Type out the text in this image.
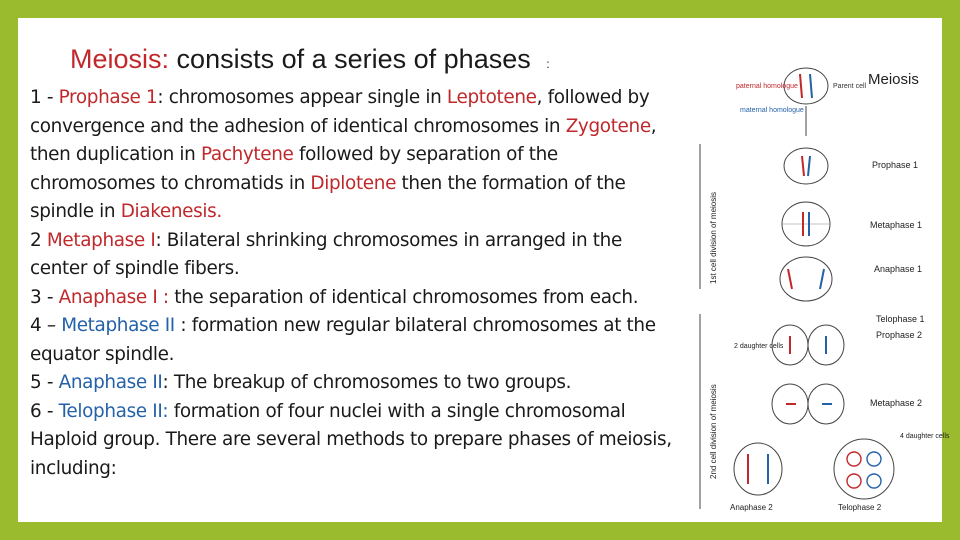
Meiosis: consists of a series of phases :

1 - Prophase 1: chromosomes appear single in Leptotene, followed by convergence and the adhesion of identical chromosomes in Zygotene, then duplication in Pachytene followed by separation of the chromosomes to chromatids in Diplotene then the formation of the spindle in Diakenesis.

2 Metaphase I: Bilateral shrinking chromosomes in arranged in the center of spindle fibers.

3 - Anaphase I : the separation of identical chromosomes from each.

4 – Metaphase II : formation new regular bilateral chromosomes at the equator spindle.

5 - Anaphase II: The breakup of chromosomes to two groups.

6 - Telophase II: formation of four nuclei with a single chromosomal Haploid group. There are several methods to prepare phases of meiosis, including:

Meiosis
Parent cell
paternal homologue
maternal homologue
1st cell division of meiosis
2nd cell division of meiosis
Prophase 1
Metaphase 1
Anaphase 1
Telophase 1
Prophase 2
2 daughter cells
Metaphase 2
Anaphase 2	Telophase 2
4 daughter cells
